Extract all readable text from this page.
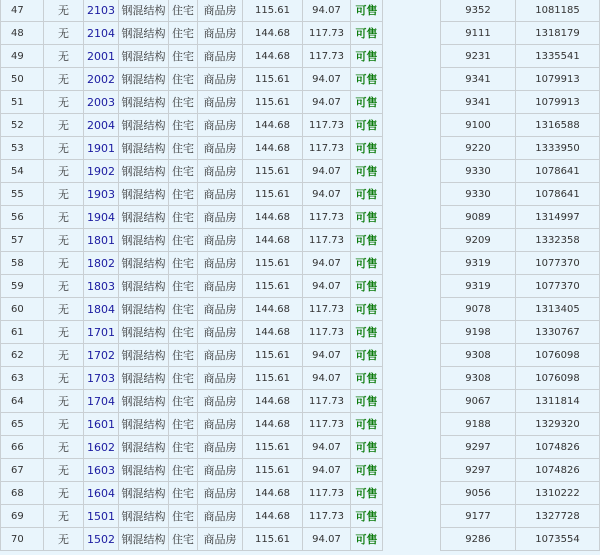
47	无	2103	钢混结构	住宅	商品房	115.61	94.07	可售		9352	1081185
48	无	2104	钢混结构	住宅	商品房	144.68	117.73	可售		9111	1318179
49	无	2001	钢混结构	住宅	商品房	144.68	117.73	可售		9231	1335541
50	无	2002	钢混结构	住宅	商品房	115.61	94.07	可售		9341	1079913
51	无	2003	钢混结构	住宅	商品房	115.61	94.07	可售		9341	1079913
52	无	2004	钢混结构	住宅	商品房	144.68	117.73	可售		9100	1316588
53	无	1901	钢混结构	住宅	商品房	144.68	117.73	可售		9220	1333950
54	无	1902	钢混结构	住宅	商品房	115.61	94.07	可售		9330	1078641
55	无	1903	钢混结构	住宅	商品房	115.61	94.07	可售		9330	1078641
56	无	1904	钢混结构	住宅	商品房	144.68	117.73	可售		9089	1314997
57	无	1801	钢混结构	住宅	商品房	144.68	117.73	可售		9209	1332358
58	无	1802	钢混结构	住宅	商品房	115.61	94.07	可售		9319	1077370
59	无	1803	钢混结构	住宅	商品房	115.61	94.07	可售		9319	1077370
60	无	1804	钢混结构	住宅	商品房	144.68	117.73	可售		9078	1313405
61	无	1701	钢混结构	住宅	商品房	144.68	117.73	可售		9198	1330767
62	无	1702	钢混结构	住宅	商品房	115.61	94.07	可售		9308	1076098
63	无	1703	钢混结构	住宅	商品房	115.61	94.07	可售		9308	1076098
64	无	1704	钢混结构	住宅	商品房	144.68	117.73	可售		9067	1311814
65	无	1601	钢混结构	住宅	商品房	144.68	117.73	可售		9188	1329320
66	无	1602	钢混结构	住宅	商品房	115.61	94.07	可售		9297	1074826
67	无	1603	钢混结构	住宅	商品房	115.61	94.07	可售		9297	1074826
68	无	1604	钢混结构	住宅	商品房	144.68	117.73	可售		9056	1310222
69	无	1501	钢混结构	住宅	商品房	144.68	117.73	可售		9177	1327728
70	无	1502	钢混结构	住宅	商品房	115.61	94.07	可售		9286	1073554
